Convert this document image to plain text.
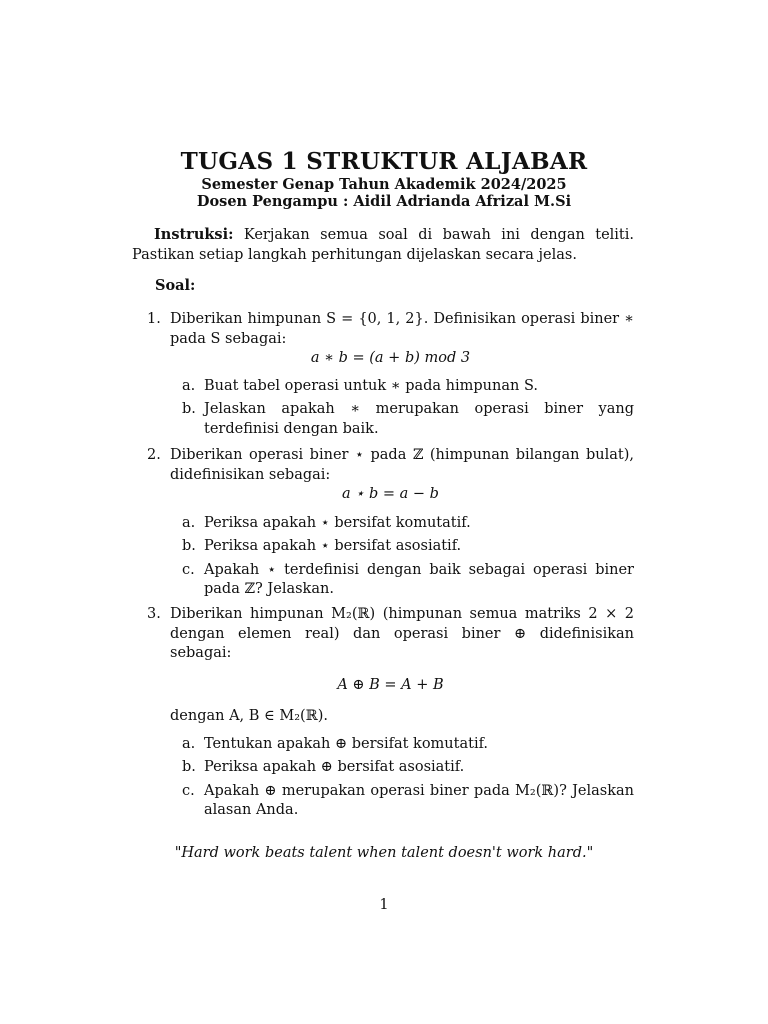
TUGAS 1 STRUKTUR ALJABAR
Semester Genap Tahun Akademik 2024/2025
Dosen Pengampu : Aidil Adrianda Afrizal M.Si
Instruksi: Kerjakan semua soal di bawah ini dengan teliti. Pastikan setiap langkah perhitungan dijelaskan secara jelas.
Soal:
1. Diberikan himpunan S = {0, 1, 2}. Definisikan operasi biner ∗ pada S sebagai:
a ∗ b = (a + b) mod 3
a. Buat tabel operasi untuk ∗ pada himpunan S.
b. Jelaskan apakah ∗ merupakan operasi biner yang terdefinisi dengan baik.
2. Diberikan operasi biner ⋆ pada ℤ (himpunan bilangan bulat), didefinisikan sebagai:
a ⋆ b = a − b
a. Periksa apakah ⋆ bersifat komutatif.
b. Periksa apakah ⋆ bersifat asosiatif.
c. Apakah ⋆ terdefinisi dengan baik sebagai operasi biner pada ℤ? Jelaskan.
3. Diberikan himpunan M₂(ℝ) (himpunan semua matriks 2 × 2 dengan elemen real) dan operasi biner ⊕ didefinisikan sebagai:
A ⊕ B = A + B
dengan A, B ∈ M₂(ℝ).
a. Tentukan apakah ⊕ bersifat komutatif.
b. Periksa apakah ⊕ bersifat asosiatif.
c. Apakah ⊕ merupakan operasi biner pada M₂(ℝ)? Jelaskan alasan Anda.
"Hard work beats talent when talent doesn't work hard."
1
